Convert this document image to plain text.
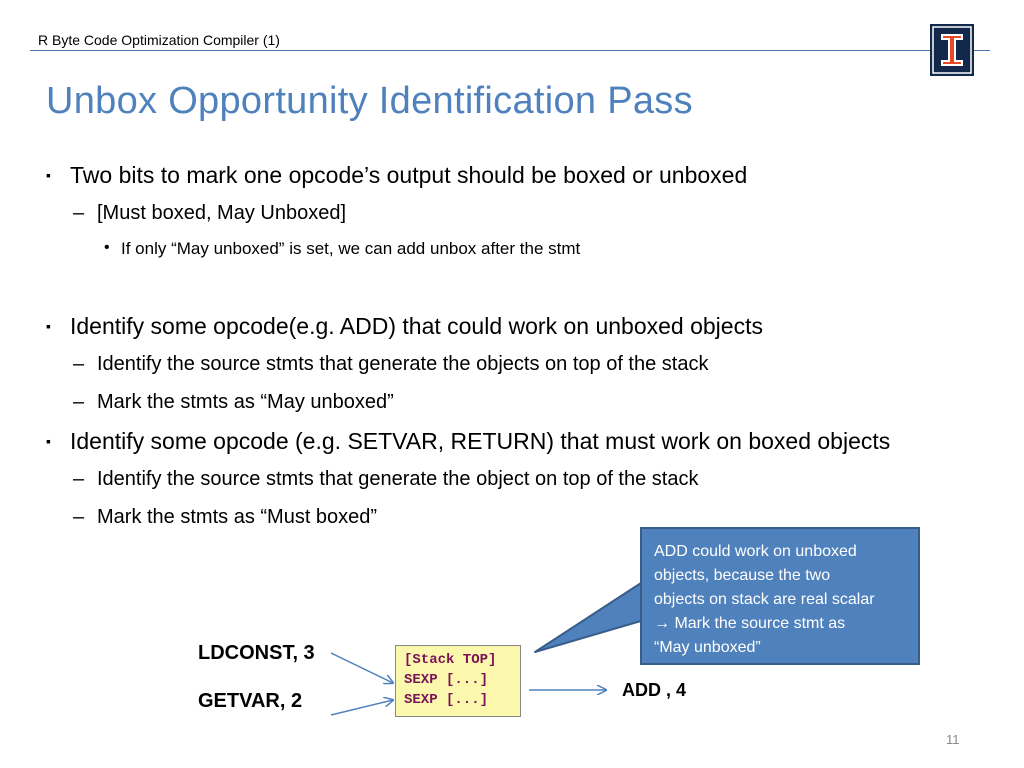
R Byte Code Optimization Compiler (1)
Unbox Opportunity Identification Pass
▪ Two bits to mark one opcode’s output should be boxed or unboxed
– [Must boxed, May Unboxed]
• If only “May unboxed” is set, we can add unbox after the stmt
▪ Identify some opcode(e.g. ADD) that could work on unboxed objects
– Identify the source stmts that generate the objects on top of the stack
– Mark the stmts as “May unboxed”
▪ Identify some opcode (e.g. SETVAR, RETURN) that must work on boxed objects
– Identify the source stmts that generate the object on top of the stack
– Mark the stmts as “Must boxed”
ADD could work on unboxed
objects, because the two
objects on stack are real scalar
→ Mark the source stmt as
“May unboxed”
LDCONST, 3
GETVAR, 2
[Stack TOP]
SEXP [...]
SEXP [...]	ADD , 4
11
